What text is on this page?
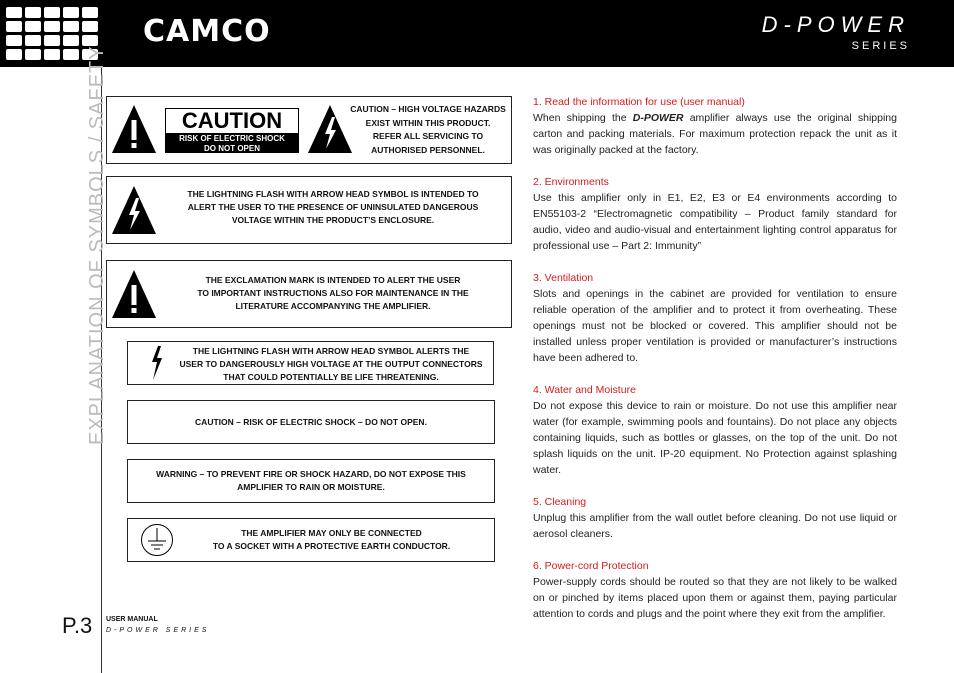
CAMCO	D-POWER
SERIES
EXPLANATION OF SYMBOLS / SAFETY
P.3 USER MANUAL
D-POWER SERIES
CAUTION
RISK OF ELECTRIC SHOCK
DO NOT OPEN
CAUTION – HIGH VOLTAGE HAZARDS
EXIST WITHIN THIS PRODUCT.
REFER ALL SERVICING TO
AUTHORISED PERSONNEL.
THE LIGHTNING FLASH WITH ARROW HEAD SYMBOL IS INTENDED TO
ALERT THE USER TO THE PRESENCE OF UNINSULATED DANGEROUS
VOLTAGE WITHIN THE PRODUCT’S ENCLOSURE.
THE EXCLAMATION MARK IS INTENDED TO ALERT THE USER
TO IMPORTANT INSTRUCTIONS ALSO FOR MAINTENANCE IN THE
LITERATURE ACCOMPANYING THE AMPLIFIER.
THE LIGHTNING FLASH WITH ARROW HEAD SYMBOL ALERTS THE
USER TO DANGEROUSLY HIGH VOLTAGE AT THE OUTPUT CONNECTORS
THAT COULD POTENTIALLY BE LIFE THREATENING.
CAUTION – RISK OF ELECTRIC SHOCK – DO NOT OPEN.
WARNING – TO PREVENT FIRE OR SHOCK HAZARD, DO NOT EXPOSE THIS
AMPLIFIER TO RAIN OR MOISTURE.
THE AMPLIFIER MAY ONLY BE CONNECTED
TO A SOCKET WITH A PROTECTIVE EARTH CONDUCTOR.
1. Read the information for use (user manual)
When shipping the D-POWER amplifier always use the original shipping carton and packing materials. For maximum protection repack the unit as it was originally packed at the factory.
2. Environments
Use this amplifier only in E1, E2, E3 or E4 environments according to EN55103-2 “Electromagnetic compatibility – Product family standard for audio, video and audio-visual and entertainment lighting control apparatus for professional use – Part 2: Immunity”
3. Ventilation
Slots and openings in the cabinet are provided for ventilation to ensure reliable operation of the amplifier and to protect it from overheating. These openings must not be blocked or covered. This amplifier should not be installed unless proper ventilation is provided or manufacturer’s instructions have been adhered to.
4. Water and Moisture
Do not expose this device to rain or moisture. Do not use this amplifier near water (for example, swimming pools and fountains). Do not place any objects containing liquids, such as bottles or glasses, on the top of the unit. Do not splash liquids on the unit. IP-20 equipment. No Protection against splashing water.
5. Cleaning
Unplug this amplifier from the wall outlet before cleaning. Do not use liquid or aerosol cleaners.
6. Power-cord Protection
Power-supply cords should be routed so that they are not likely to be walked on or pinched by items placed upon them or against them, paying particular attention to cords and plugs and the point where they exit from the amplifier.
